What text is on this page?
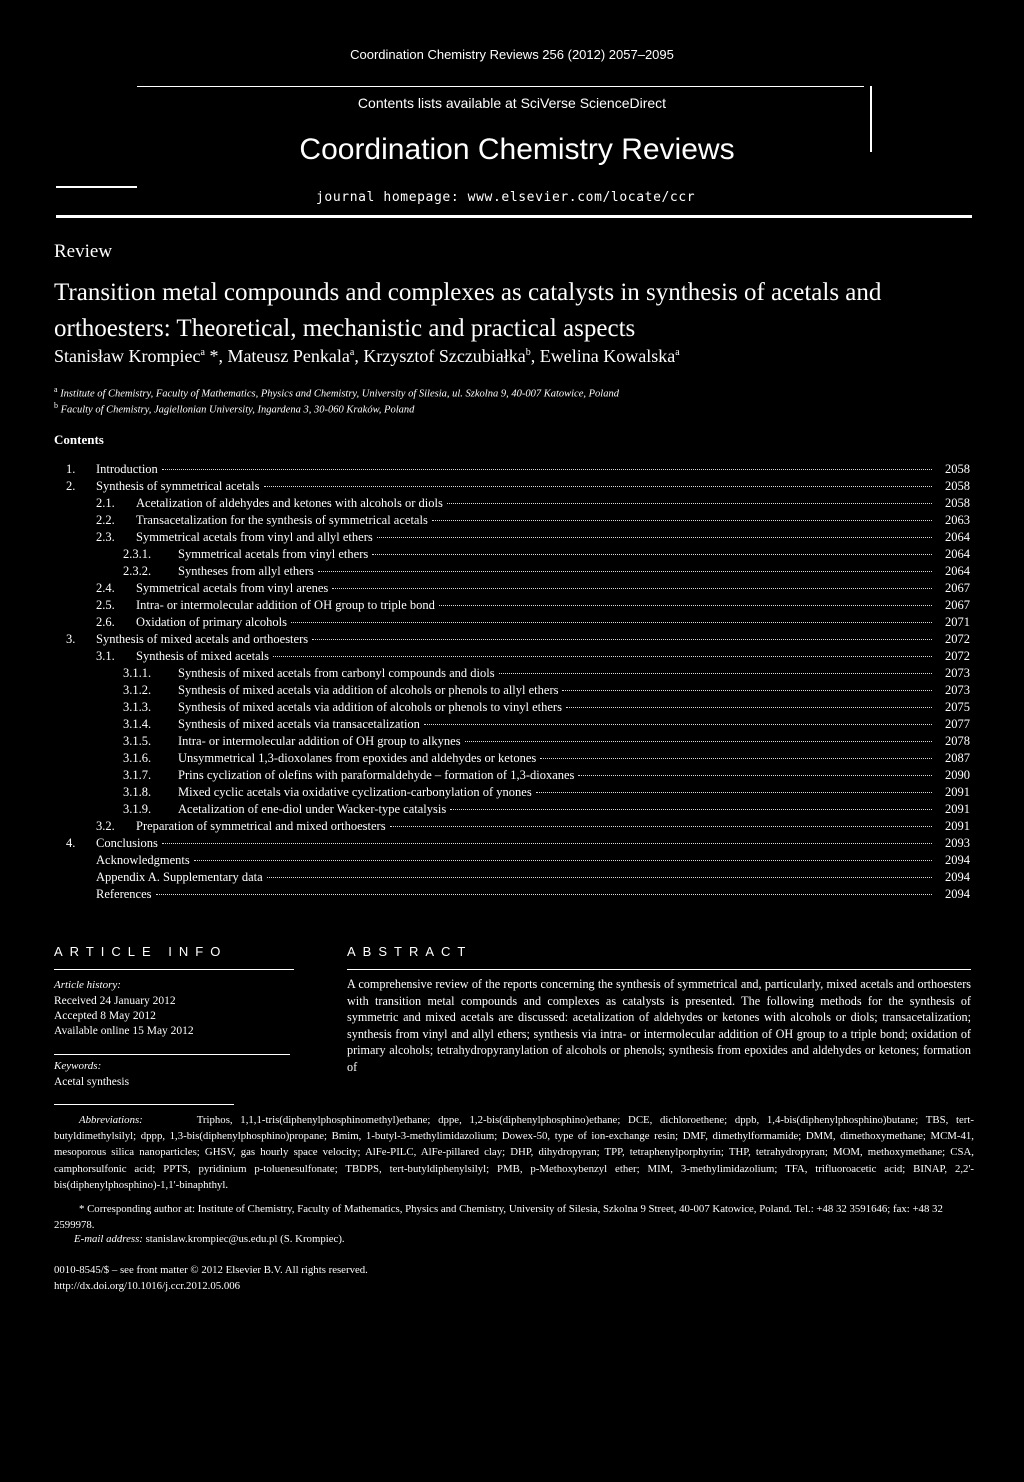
Coordination Chemistry Reviews 256 (2012) 2057–2095
Contents lists available at SciVerse ScienceDirect
Coordination Chemistry Reviews
journal homepage: www.elsevier.com/locate/ccr
Review
Transition metal compounds and complexes as catalysts in synthesis of acetals and orthoesters: Theoretical, mechanistic and practical aspects
Stanisław Krompiec$^a$ *, Mateusz Penkala$^a$, Krzysztof Szczubiałka$^b$, Ewelina Kowalska$^a$
$^a$ Institute of Chemistry, Faculty of Mathematics, Physics and Chemistry, University of Silesia, ul. Szkolna 9, 40-007 Katowice, Poland
$^b$ Faculty of Chemistry, Jagiellonian University, Ingardena 3, 30-060 Kraków, Poland
Contents
1.	Introduction	2058
2.	Synthesis of symmetrical acetals	2058
2.1.	Acetalization of aldehydes and ketones with alcohols or diols	2058
2.2.	Transacetalization for the synthesis of symmetrical acetals	2063
2.3.	Symmetrical acetals from vinyl and allyl ethers	2064
2.3.1.	Symmetrical acetals from vinyl ethers	2064
2.3.2.	Syntheses from allyl ethers	2064
2.4.	Symmetrical acetals from vinyl arenes	2067
2.5.	Intra- or intermolecular addition of OH group to triple bond	2067
2.6.	Oxidation of primary alcohols	2071
3.	Synthesis of mixed acetals and orthoesters	2072
3.1.	Synthesis of mixed acetals	2072
3.1.1.	Synthesis of mixed acetals from carbonyl compounds and diols	2073
3.1.2.	Synthesis of mixed acetals via addition of alcohols or phenols to allyl ethers	2073
3.1.3.	Synthesis of mixed acetals via addition of alcohols or phenols to vinyl ethers	2075
3.1.4.	Synthesis of mixed acetals via transacetalization	2077
3.1.5.	Intra- or intermolecular addition of OH group to alkynes	2078
3.1.6.	Unsymmetrical 1,3-dioxolanes from epoxides and aldehydes or ketones	2087
3.1.7.	Prins cyclization of olefins with paraformaldehyde – formation of 1,3-dioxanes	2090
3.1.8.	Mixed cyclic acetals via oxidative cyclization-carbonylation of ynones	2091
3.1.9.	Acetalization of ene-diol under Wacker-type catalysis	2091
3.2.	Preparation of symmetrical and mixed orthoesters	2091
4.	Conclusions	2093
Acknowledgments	2094
Appendix A. Supplementary data	2094
References	2094
ARTICLE INFO
Article history:
Received 24 January 2012
Accepted 8 May 2012
Available online 15 May 2012
Keywords:
Acetal synthesis
ABSTRACT
A comprehensive review of the reports concerning the synthesis of symmetrical and, particularly, mixed acetals and orthoesters with transition metal compounds and complexes as catalysts is presented. The following methods for the synthesis of symmetric and mixed acetals are discussed: acetalization of aldehydes or ketones with alcohols or diols; transacetalization; synthesis from vinyl and allyl ethers; synthesis via intra- or intermolecular addition of OH group to a triple bond; oxidation of primary alcohols; tetrahydropyranylation of alcohols or phenols; synthesis from epoxides and aldehydes or ketones; formation of
Abbreviations:	Triphos, 1,1,1-tris(diphenylphosphinomethyl)ethane; dppe, 1,2-bis(diphenylphosphino)ethane; DCE, dichloroethene; dppb, 1,4-bis(diphenylphosphino)butane; TBS, tert-butyldimethylsilyl; dppp, 1,3-bis(diphenylphosphino)propane; Bmim, 1-butyl-3-methylimidazolium; Dowex-50, type of ion-exchange resin; DMF, dimethylformamide; DMM, dimethoxymethane; MCM-41, mesoporous silica nanoparticles; GHSV, gas hourly space velocity; AlFe-PILC, AlFe-pillared clay; DHP, dihydropyran; TPP, tetraphenylporphyrin; THP, tetrahydropyran; MOM, methoxymethane; CSA, camphorsulfonic acid; PPTS, pyridinium p-toluenesulfonate; TBDPS, tert-butyldiphenylsilyl; PMB, p-Methoxybenzyl ether; MIM, 3-methylimidazolium; TFA, trifluoroacetic acid; BINAP, 2,2'-bis(diphenylphosphino)-1,1'-binaphthyl.
* Corresponding author at: Institute of Chemistry, Faculty of Mathematics, Physics and Chemistry, University of Silesia, Szkolna 9 Street, 40-007 Katowice, Poland. Tel.: +48 32 3591646; fax: +48 32 2599978.
E-mail address: stanislaw.krompiec@us.edu.pl (S. Krompiec).
0010-8545/$ – see front matter © 2012 Elsevier B.V. All rights reserved.
http://dx.doi.org/10.1016/j.ccr.2012.05.006
